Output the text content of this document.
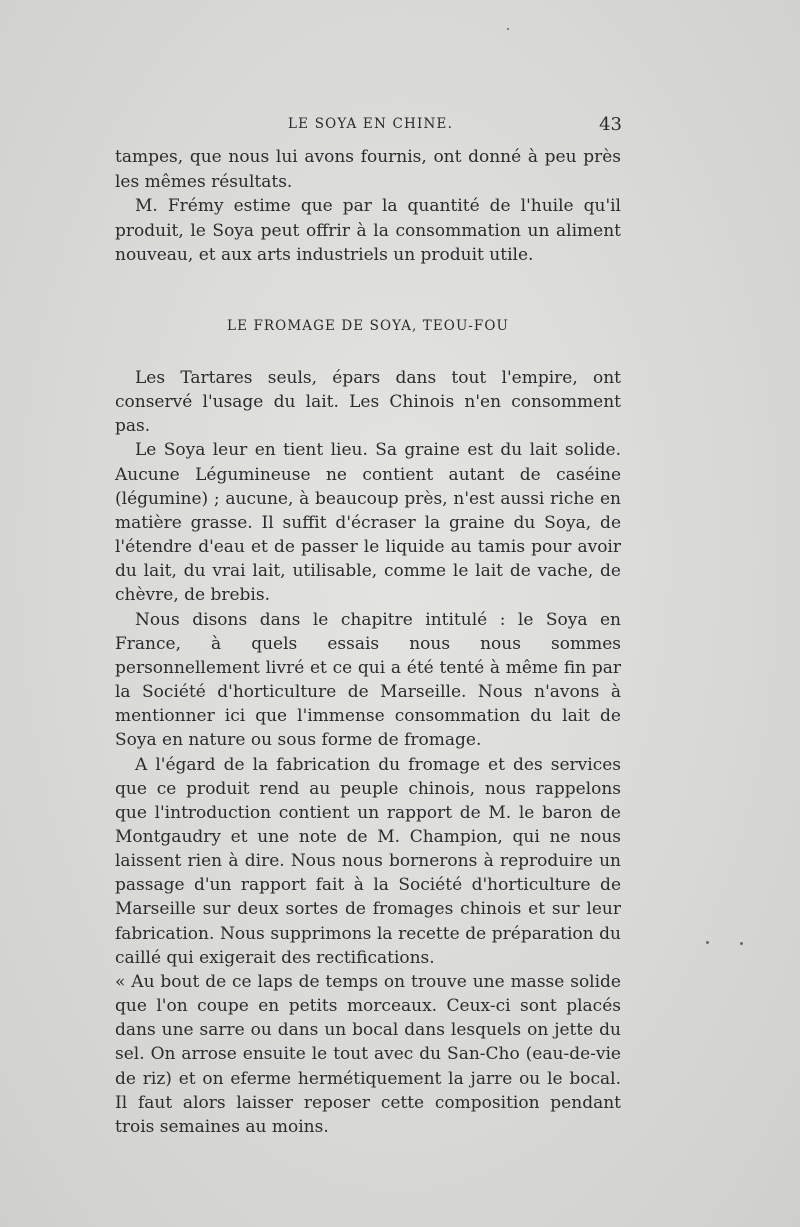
LE SOYA EN CHINE.	43

tampes, que nous lui avons fournis, ont donné à peu près les mêmes résultats.

M. Frémy estime que par la quantité de l'huile qu'il produit, le Soya peut offrir à la consommation un aliment nouveau, et aux arts industriels un produit utile.

LE FROMAGE DE SOYA, TEOU-FOU

Les Tartares seuls, épars dans tout l'empire, ont conservé l'usage du lait. Les Chinois n'en consomment pas.

Le Soya leur en tient lieu. Sa graine est du lait solide. Aucune Légumineuse ne contient autant de caséine (légumine) ; aucune, à beaucoup près, n'est aussi riche en matière grasse. Il suffit d'écraser la graine du Soya, de l'étendre d'eau et de passer le liquide au tamis pour avoir du lait, du vrai lait, utilisable, comme le lait de vache, de chèvre, de brebis.

Nous disons dans le chapitre intitulé : le Soya en France, à quels essais nous nous sommes personnellement livré et ce qui a été tenté à même fin par la Société d'horticulture de Marseille. Nous n'avons à mentionner ici que l'immense consommation du lait de Soya en nature ou sous forme de fromage.

A l'égard de la fabrication du fromage et des services que ce produit rend au peuple chinois, nous rappelons que l'introduction contient un rapport de M. le baron de Montgaudry et une note de M. Champion, qui ne nous laissent rien à dire. Nous nous bornerons à reproduire un passage d'un rapport fait à la Société d'horticulture de Marseille sur deux sortes de fromages chinois et sur leur fabrication. Nous supprimons la recette de préparation du caillé qui exigerait des rectifications.

« Au bout de ce laps de temps on trouve une masse solide que l'on coupe en petits morceaux. Ceux-ci sont placés dans une sarre ou dans un bocal dans lesquels on jette du sel. On arrose ensuite le tout avec du San-Cho (eau-de-vie de riz) et on eferme hermétiquement la jarre ou le bocal. Il faut alors laisser reposer cette composition pendant trois semaines au moins.
